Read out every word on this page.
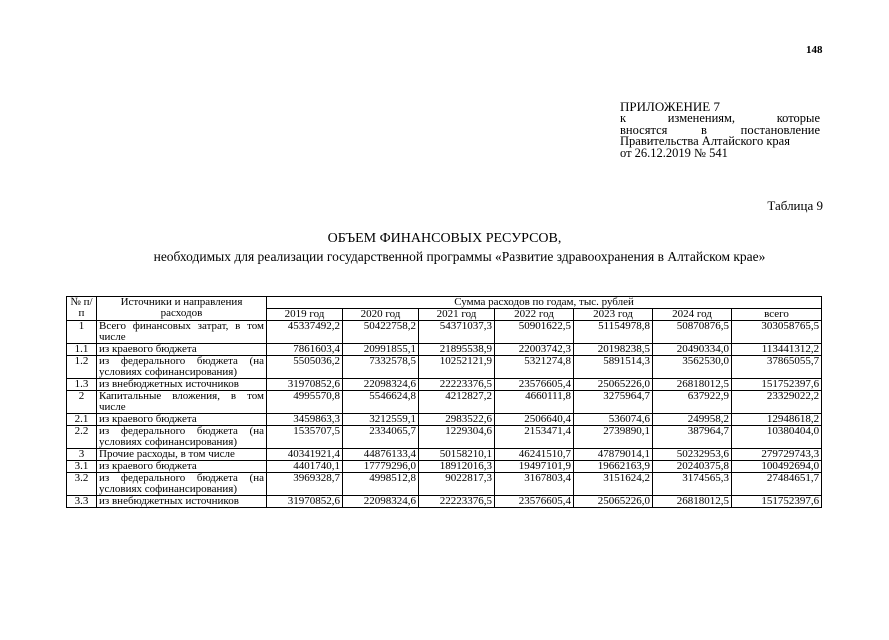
148
ПРИЛОЖЕНИЕ 7
к изменениям, которые
вносятся в постановление
Правительства Алтайского края
от 26.12.2019 № 541
Таблица 9
ОБЪЕМ ФИНАНСОВЫХ РЕСУРСОВ,
необходимых для реализации государственной программы «Развитие здравоохранения в Алтайском крае»
№ п/п	Источники и направления расходов	Сумма расходов по годам, тыс. рублей						
		2019 год	2020 год	2021 год	2022 год	2023 год	2024 год	всего
1	Всего финансовых затрат, в том числе	45337492,2	50422758,2	54371037,3	50901622,5	51154978,8	50870876,5	303058765,5
1.1	из краевого бюджета	7861603,4	20991855,1	21895538,9	22003742,3	20198238,5	20490334,0	113441312,2
1.2	из федерального бюджета (на условиях софинансирования)	5505036,2	7332578,5	10252121,9	5321274,8	5891514,3	3562530,0	37865055,7
1.3	из внебюджетных источников	31970852,6	22098324,6	22223376,5	23576605,4	25065226,0	26818012,5	151752397,6
2	Капитальные вложения, в том числе	4995570,8	5546624,8	4212827,2	4660111,8	3275964,7	637922,9	23329022,2
2.1	из краевого бюджета	3459863,3	3212559,1	2983522,6	2506640,4	536074,6	249958,2	12948618,2
2.2	из федерального бюджета (на условиях софинансирования)	1535707,5	2334065,7	1229304,6	2153471,4	2739890,1	387964,7	10380404,0
3	Прочие расходы, в том числе	40341921,4	44876133,4	50158210,1	46241510,7	47879014,1	50232953,6	279729743,3
3.1	из краевого бюджета	4401740,1	17779296,0	18912016,3	19497101,9	19662163,9	20240375,8	100492694,0
3.2	из федерального бюджета (на условиях софинансирования)	3969328,7	4998512,8	9022817,3	3167803,4	3151624,2	3174565,3	27484651,7
3.3	из внебюджетных источников	31970852,6	22098324,6	22223376,5	23576605,4	25065226,0	26818012,5	151752397,6
